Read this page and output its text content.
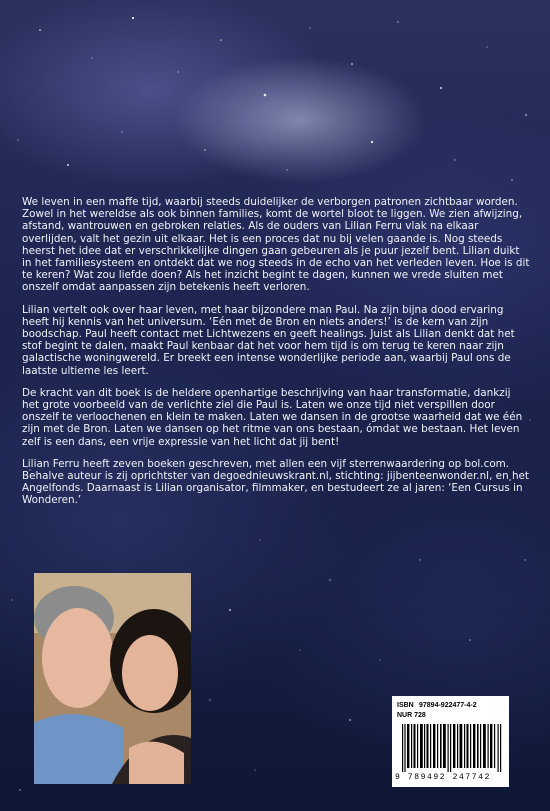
We leven in een maffe tijd, waarbij steeds duidelijker de verborgen patronen zichtbaar worden. Zowel in het wereldse als ook binnen families, komt de wortel bloot te liggen. We zien afwijzing, afstand, wantrouwen en gebroken relaties. Als de ouders van Lilian Ferru vlak na elkaar overlijden, valt het gezin uit elkaar. Het is een proces dat nu bij velen gaande is. Nog steeds heerst het idee dat er verschrikkelijke dingen gaan gebeuren als je puur jezelf bent. Lilian duikt in het familiesysteem en ontdekt dat we nog steeds in de echo van het verleden leven. Hoe is dit te keren? Wat zou liefde doen? Als het inzicht begint te dagen, kunnen we vrede sluiten met onszelf omdat aanpassen zijn betekenis heeft verloren.

Lilian vertelt ook over haar leven, met haar bijzondere man Paul. Na zijn bijna dood ervaring heeft hij kennis van het universum. ‘Eén met de Bron en niets anders!’ is de kern van zijn boodschap. Paul heeft contact met Lichtwezens en geeft healings. Juist als Lilian denkt dat het stof begint te dalen, maakt Paul kenbaar dat het voor hem tijd is om terug te keren naar zijn galactische woningwereld. Er breekt een intense wonderlijke periode aan, waarbij Paul ons de laatste ultieme les leert.

De kracht van dit boek is de heldere openhartige beschrijving van haar transformatie, dankzij het grote voorbeeld van de verlichte ziel die Paul is. Laten we onze tijd niet verspillen door onszelf te verloochenen en klein te maken. Laten we dansen in de grootse waarheid dat we één zijn met de Bron. Laten we dansen op het ritme van ons bestaan, ómdat we bestaan. Het leven zelf is een dans, een vrije expressie van het licht dat jij bent!

Lilian Ferru heeft zeven boeken geschreven, met allen een vijf sterrenwaardering op bol.com. Behalve auteur is zij oprichtster van degoednieuwskrant.nl, stichting: jijbenteenwonder.nl, en het Angelfonds. Daarnaast is Lilian organisator, filmmaker, en bestudeert ze al jaren: ‘Een Cursus in Wonderen.’

ISBN 97894-922477-4-2
NUR 728
9 789492 247742
